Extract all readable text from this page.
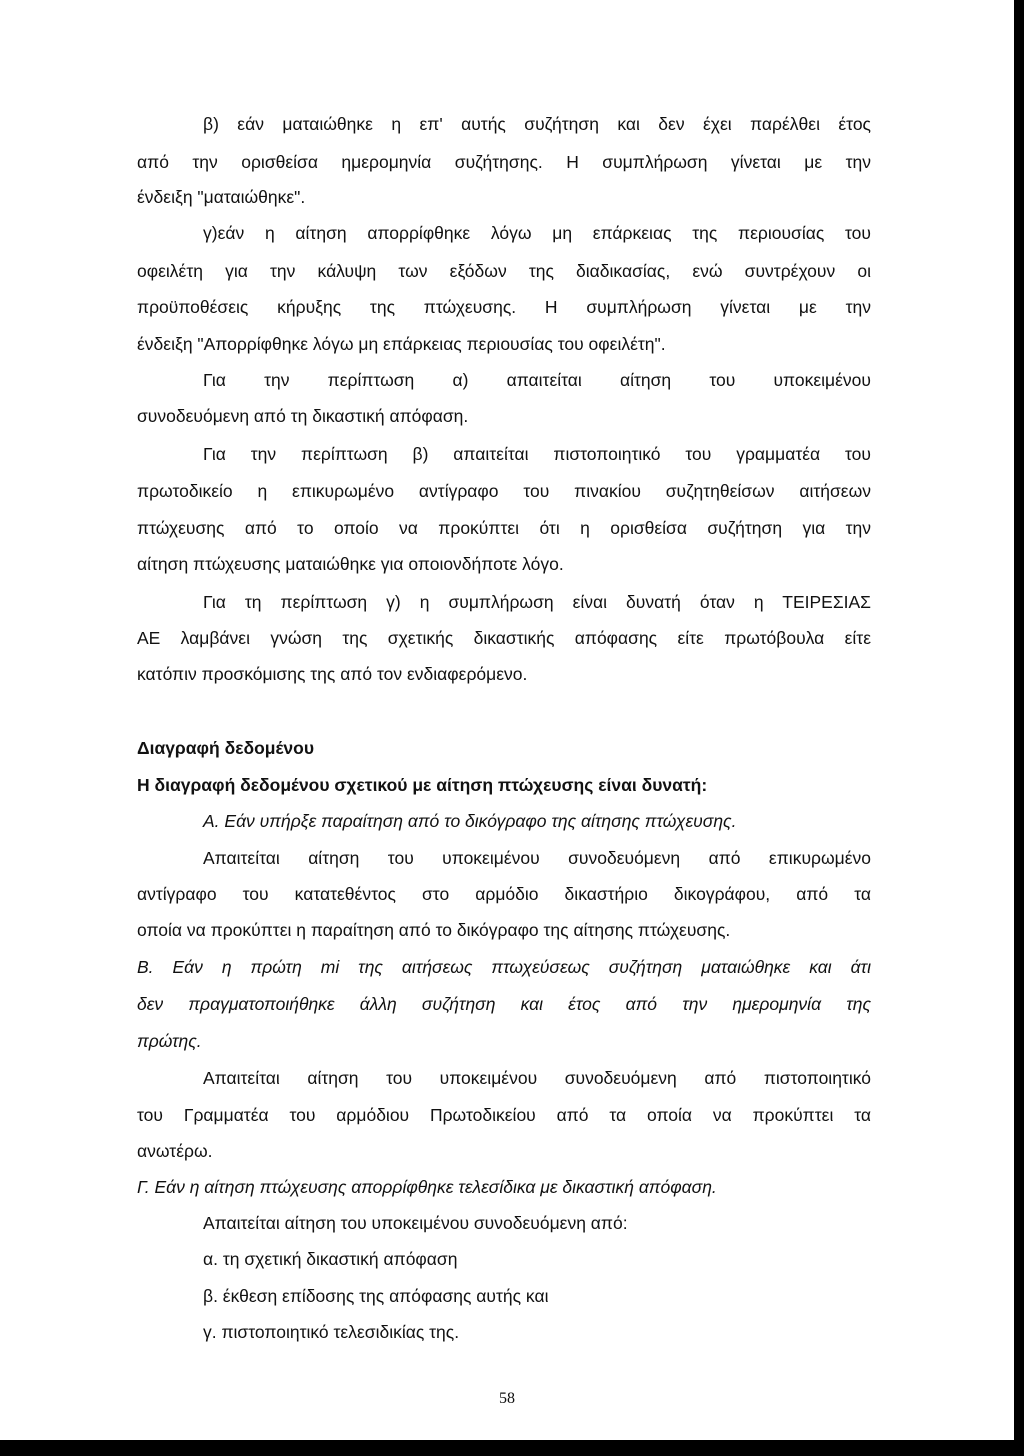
β) εάν ματαιώθηκε η επ' αυτής συζήτηση και δεν έχει παρέλθει έτος
από την ορισθείσα ημερομηνία συζήτησης. Η συμπλήρωση γίνεται με την
ένδειξη "ματαιώθηκε".
γ)εάν η αίτηση απορρίφθηκε λόγω μη επάρκειας της περιουσίας του
οφειλέτη για την κάλυψη των εξόδων της διαδικασίας, ενώ συντρέχουν οι
προϋποθέσεις κήρυξης της πτώχευσης. Η συμπλήρωση γίνεται με την
ένδειξη "Απορρίφθηκε λόγω μη επάρκειας περιουσίας του οφειλέτη".
Για την περίπτωση α) απαιτείται αίτηση του υποκειμένου
συνοδευόμενη από τη δικαστική απόφαση.
Για την περίπτωση β) απαιτείται πιστοποιητικό του γραμματέα του
πρωτοδικείο η επικυρωμένο αντίγραφο του πινακίου συζητηθείσων αιτήσεων
πτώχευσης από το οποίο να προκύπτει ότι η ορισθείσα συζήτηση για την
αίτηση πτώχευσης ματαιώθηκε για οποιονδήποτε λόγο.
Για τη περίπτωση γ) η συμπλήρωση είναι δυνατή όταν η ΤΕΙΡΕΣΙΑΣ
ΑΕ λαμβάνει γνώση της σχετικής δικαστικής απόφασης είτε πρωτόβουλα είτε
κατόπιν προσκόμισης της από τον ενδιαφερόμενο.
Διαγραφή δεδομένου
Η διαγραφή δεδομένου σχετικού με αίτηση πτώχευσης είναι δυνατή:
Α. Εάν υπήρξε παραίτηση από το δικόγραφο της αίτησης πτώχευσης.
Απαιτείται αίτηση του υποκειμένου συνοδευόμενη από επικυρωμένο
αντίγραφο του κατατεθέντος στο αρμόδιο δικαστήριο δικογράφου, από τα
οποία να προκύπτει η παραίτηση από το δικόγραφο της αίτησης πτώχευσης.
Β. Εάν η πρώτη mi της αιτήσεως πτωχεύσεως συζήτηση ματαιώθηκε και άτι
δεν πραγματοποιήθηκε άλλη συζήτηση και έτος από την ημερομηνία της
πρώτης.
Απαιτείται αίτηση του υποκειμένου συνοδευόμενη από πιστοποιητικό
του Γραμματέα του αρμόδιου Πρωτοδικείου από τα οποία να προκύπτει τα
ανωτέρω.
Γ. Εάν η αίτηση πτώχευσης απορρίφθηκε τελεσίδικα με δικαστική απόφαση.
Απαιτείται αίτηση του υποκειμένου συνοδευόμενη από:
α. τη σχετική δικαστική απόφαση
β. έκθεση επίδοσης της απόφασης αυτής και
γ. πιστοποιητικό τελεσιδικίας της.
58
